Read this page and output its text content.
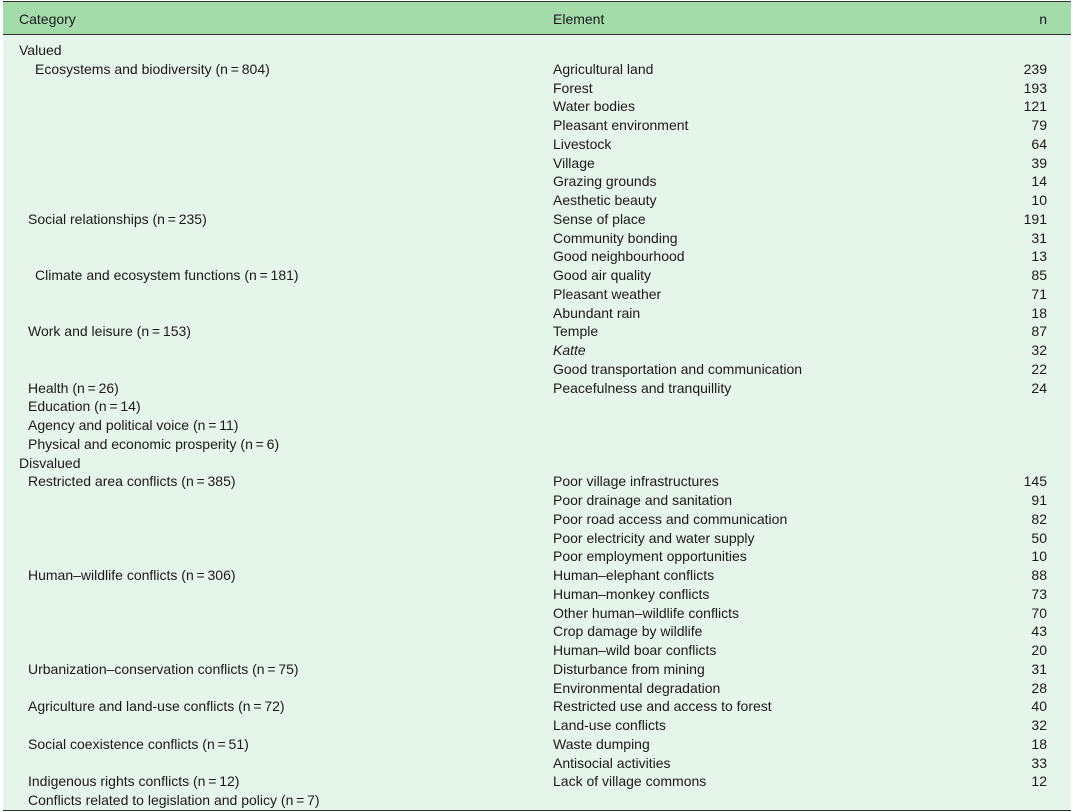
Category	Element	n
Valued
Ecosystems and biodiversity (n = 804)	Agricultural land	239
Forest	193
Water bodies	121
Pleasant environment	79
Livestock	64
Village	39
Grazing grounds	14
Aesthetic beauty	10
Social relationships (n = 235)	Sense of place	191
Community bonding	31
Good neighbourhood	13
Climate and ecosystem functions (n = 181)	Good air quality	85
Pleasant weather	71
Abundant rain	18
Work and leisure (n = 153)	Temple	87
Katte	32
Good transportation and communication	22
Health (n = 26)	Peacefulness and tranquillity	24
Education (n = 14)
Agency and political voice (n = 11)
Physical and economic prosperity (n = 6)
Disvalued
Restricted area conflicts (n = 385)	Poor village infrastructures	145
Poor drainage and sanitation	91
Poor road access and communication	82
Poor electricity and water supply	50
Poor employment opportunities	10
Human–wildlife conflicts (n = 306)	Human–elephant conflicts	88
Human–monkey conflicts	73
Other human–wildlife conflicts	70
Crop damage by wildlife	43
Human–wild boar conflicts	20
Urbanization–conservation conflicts (n = 75)	Disturbance from mining	31
Environmental degradation	28
Agriculture and land-use conflicts (n = 72)	Restricted use and access to forest	40
Land-use conflicts	32
Social coexistence conflicts (n = 51)	Waste dumping	18
Antisocial activities	33
Indigenous rights conflicts (n = 12)	Lack of village commons	12
Conflicts related to legislation and policy (n = 7)
